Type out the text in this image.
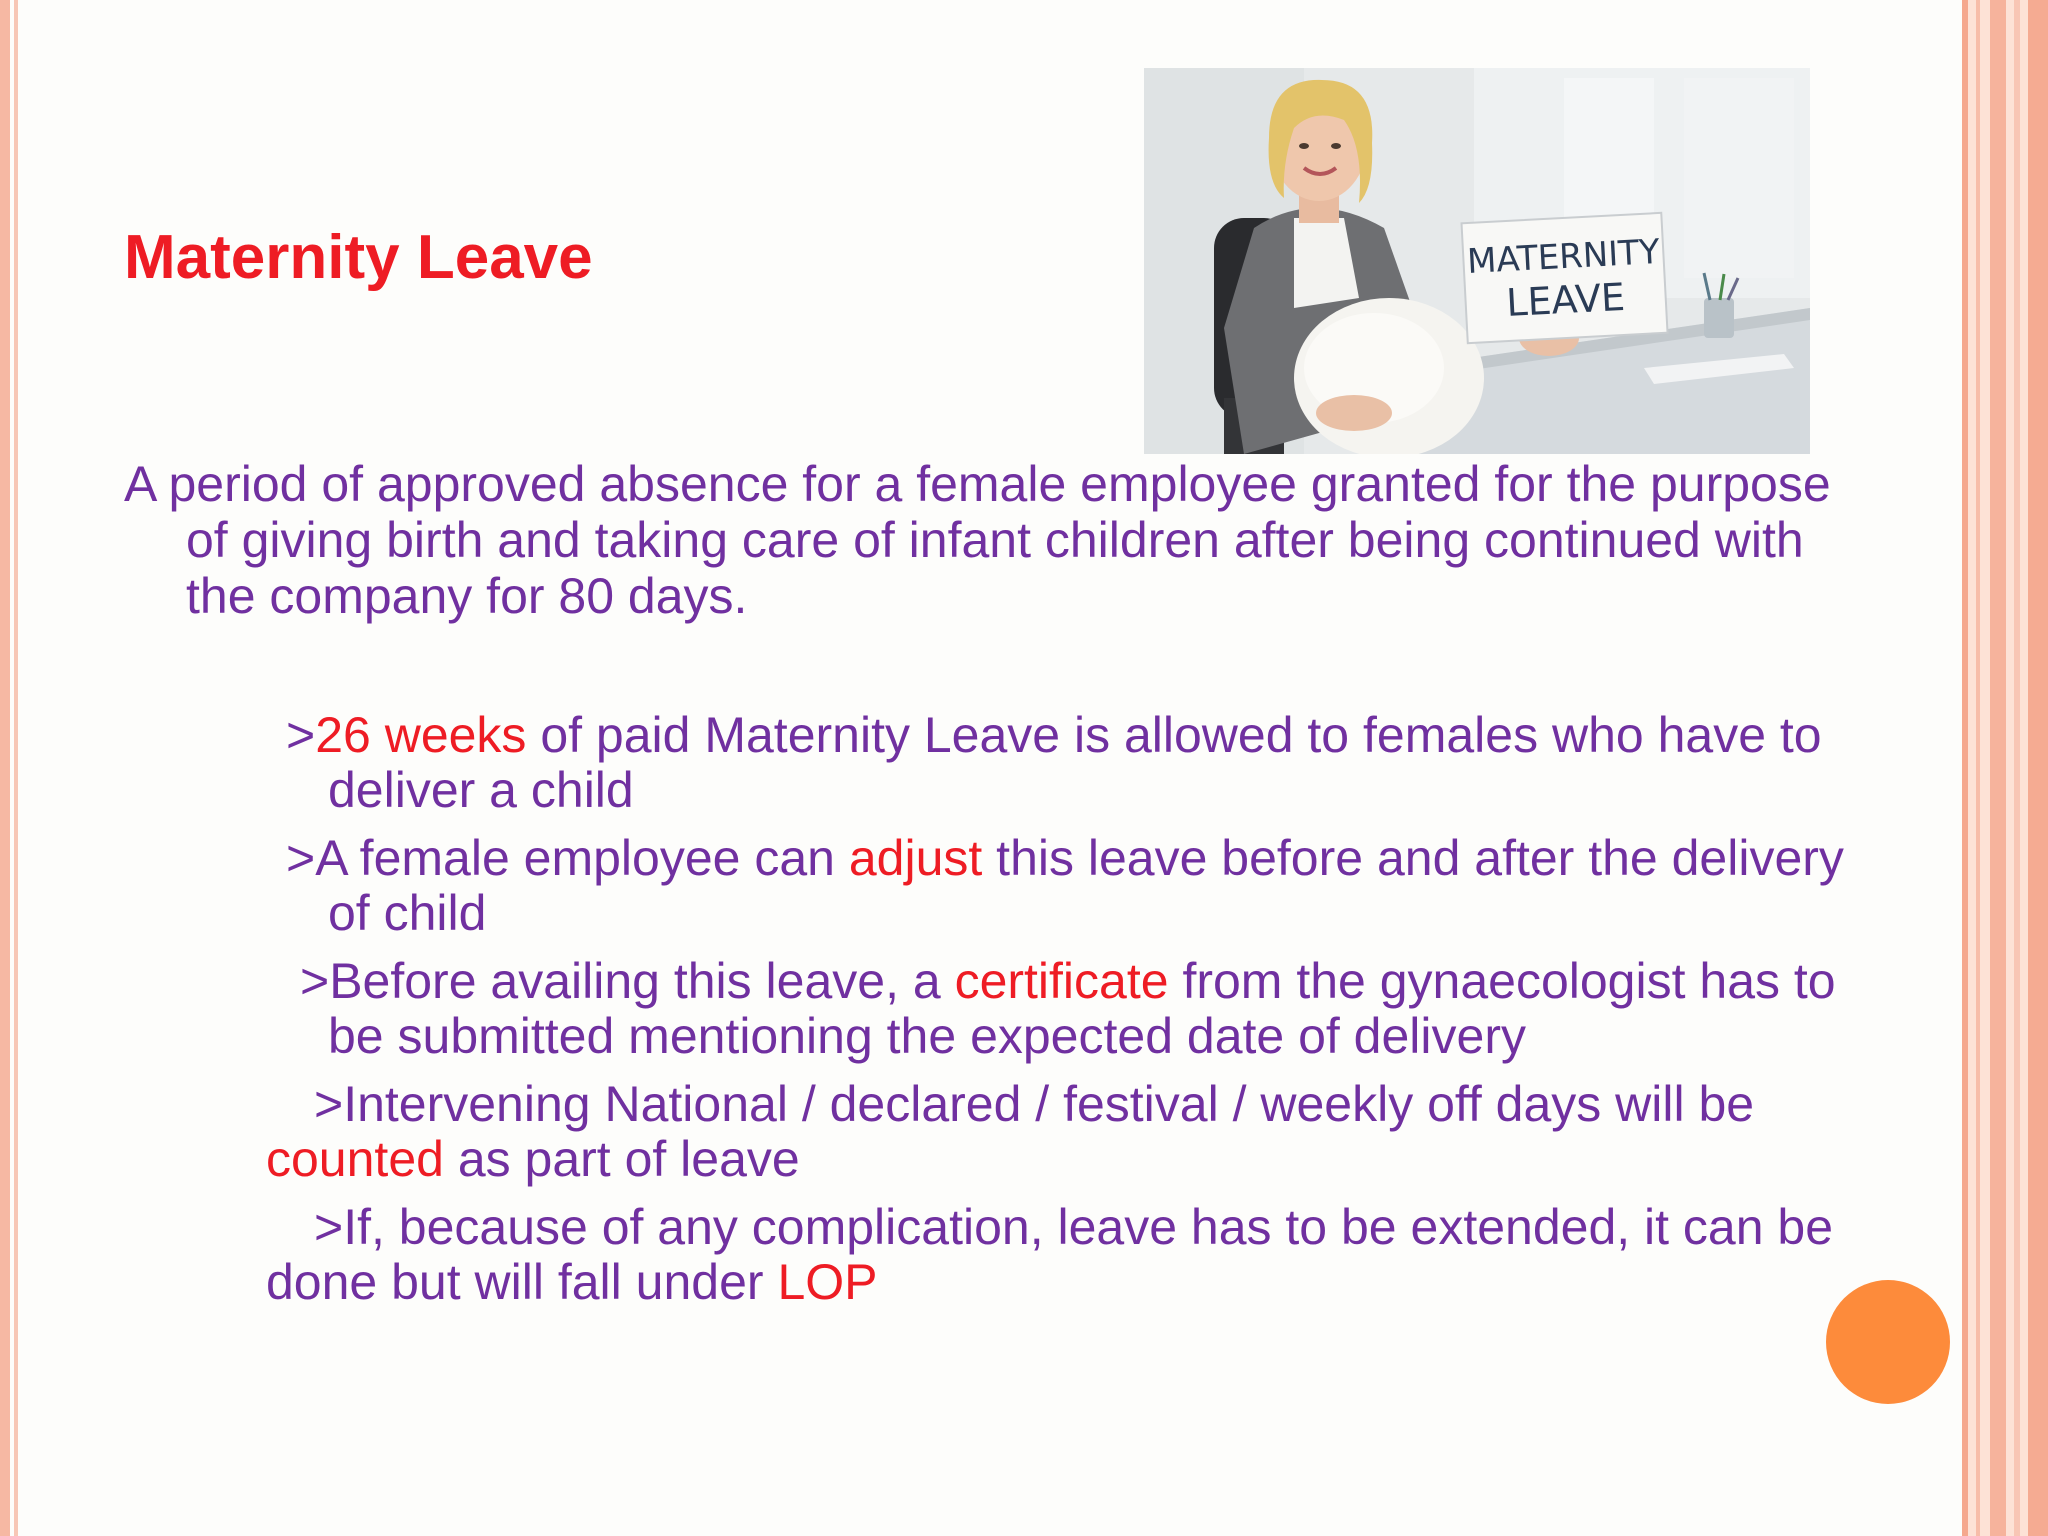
Maternity Leave	MATERNITY
LEAVE
A period of approved absence for a female employee granted for the purpose of giving birth and taking care of infant children after being continued with the company for 80 days.
>26 weeks of paid Maternity Leave is allowed to females who have to deliver a child
>A female employee can adjust this leave before and after the delivery of child
>Before availing this leave, a certificate from the gynaecologist has to be submitted mentioning the expected date of delivery
>Intervening National / declared / festival / weekly off days will be counted as part of leave
>If, because of any complication, leave has to be extended, it can be done but will fall under LOP
